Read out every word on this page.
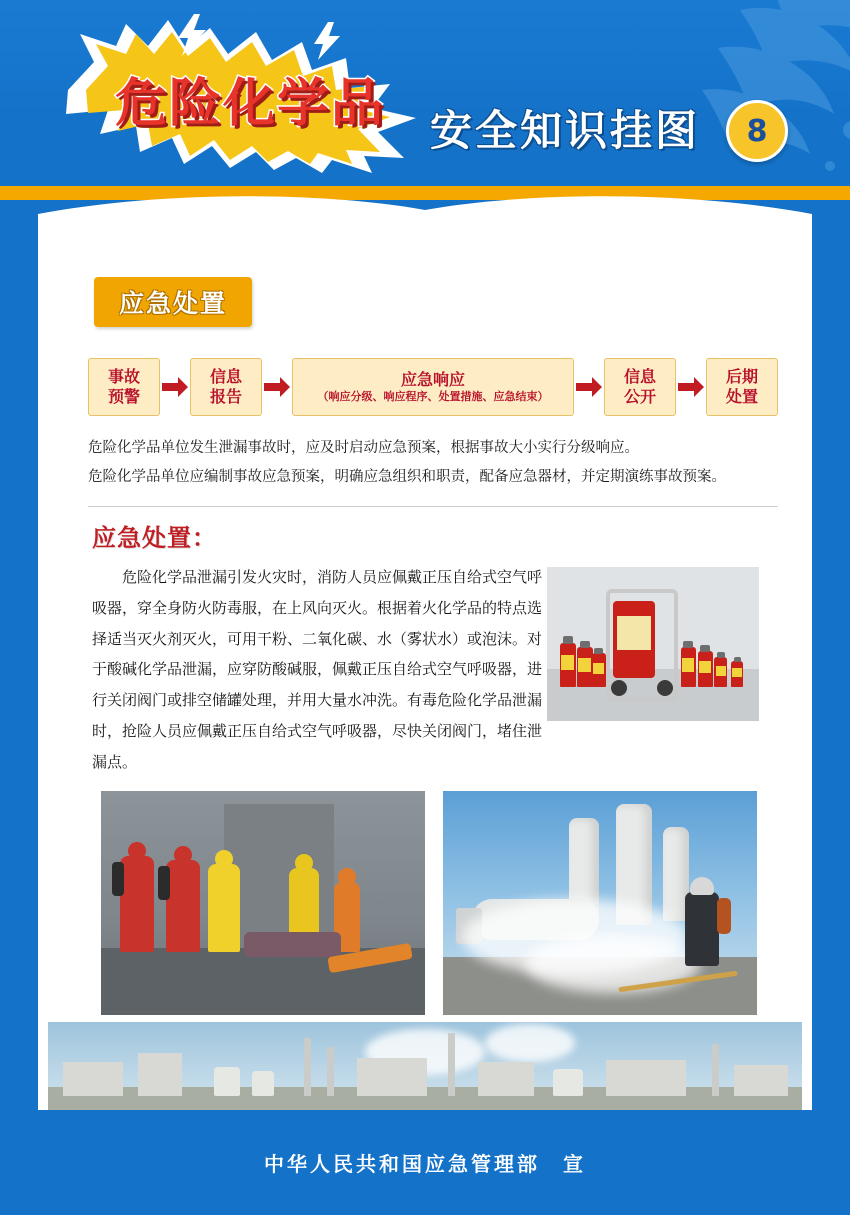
危险化学品	安全知识挂图	8
应急处置
事故
预警
信息
报告
应急响应
（响应分级、响应程序、处置措施、应急结束）
信息
公开
后期
处置
危险化学品单位发生泄漏事故时，应及时启动应急预案，根据事故大小实行分级响应。
危险化学品单位应编制事故应急预案，明确应急组织和职责，配备应急器材，并定期演练事故预案。
应急处置：
危险化学品泄漏引发火灾时，消防人员应佩戴正压自给式空气呼吸器，穿全身防火防毒服，在上风向灭火。根据着火化学品的特点选择适当灭火剂灭火，可用干粉、二氧化碳、水（雾状水）或泡沫。对于酸碱化学品泄漏，应穿防酸碱服，佩戴正压自给式空气呼吸器，进行关闭阀门或排空储罐处理，并用大量水冲洗。有毒危险化学品泄漏时，抢险人员应佩戴正压自给式空气呼吸器，尽快关闭阀门，堵住泄漏点。
中华人民共和国应急管理部　宣
